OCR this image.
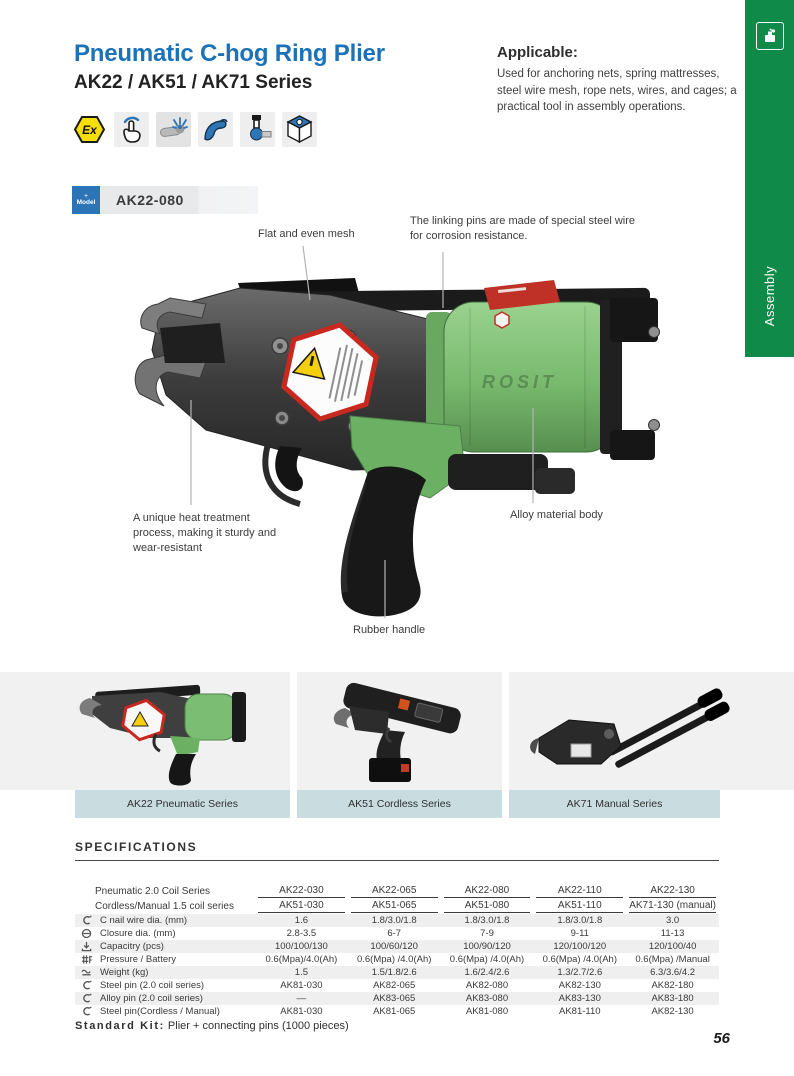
Assembly
Pneumatic C-hog Ring Plier
AK22 / AK51 / AK71 Series
Ex
Applicable:
Used for anchoring nets, spring mattresses, steel wire mesh, rope nets, wires, and cages; a practical tool in assembly operations.
+
Model	AK22-080
ROSIT
Flat and even mesh
The linking pins are made of special steel wire for corrosion resistance.
A unique heat treatment process, making it sturdy and wear-resistant
Alloy material body
Rubber handle
AK22 Pneumatic Series	AK51 Cordless Series	AK71 Manual Series
SPECIFICATIONS
Pneumatic 2.0 Coil Series	AK22-030	AK22-065	AK22-080	AK22-110	AK22-130
Cordless/Manual 1.5 coil series	AK51-030	AK51-065	AK51-080	AK51-110	AK71-130 (manual)
C nail wire dia. (mm)	1.6	1.8/3.0/1.8	1.8/3.0/1.8	1.8/3.0/1.8	3.0
Closure dia. (mm)	2.8-3.5	6-7	7-9	9-11	11-13
Capacitry (pcs)	100/100/130	100/60/120	100/90/120	120/100/120	120/100/40
Pressure / Battery	0.6(Mpa)/4.0(Ah)	0.6(Mpa) /4.0(Ah)	0.6(Mpa) /4.0(Ah)	0.6(Mpa) /4.0(Ah)	0.6(Mpa) /Manual
Weight (kg)	1.5	1.5/1.8/2.6	1.6/2.4/2.6	1.3/2.7/2.6	6.3/3.6/4.2
Steel pin (2.0 coil series)	AK81-030	AK82-065	AK82-080	AK82-130	AK82-180
Alloy pin (2.0 coil series)	—	AK83-065	AK83-080	AK83-130	AK83-180
Steel pin(Cordless / Manual)	AK81-030	AK81-065	AK81-080	AK81-110	AK82-130
Standard Kit: Plier + connecting pins (1000 pieces)
56
